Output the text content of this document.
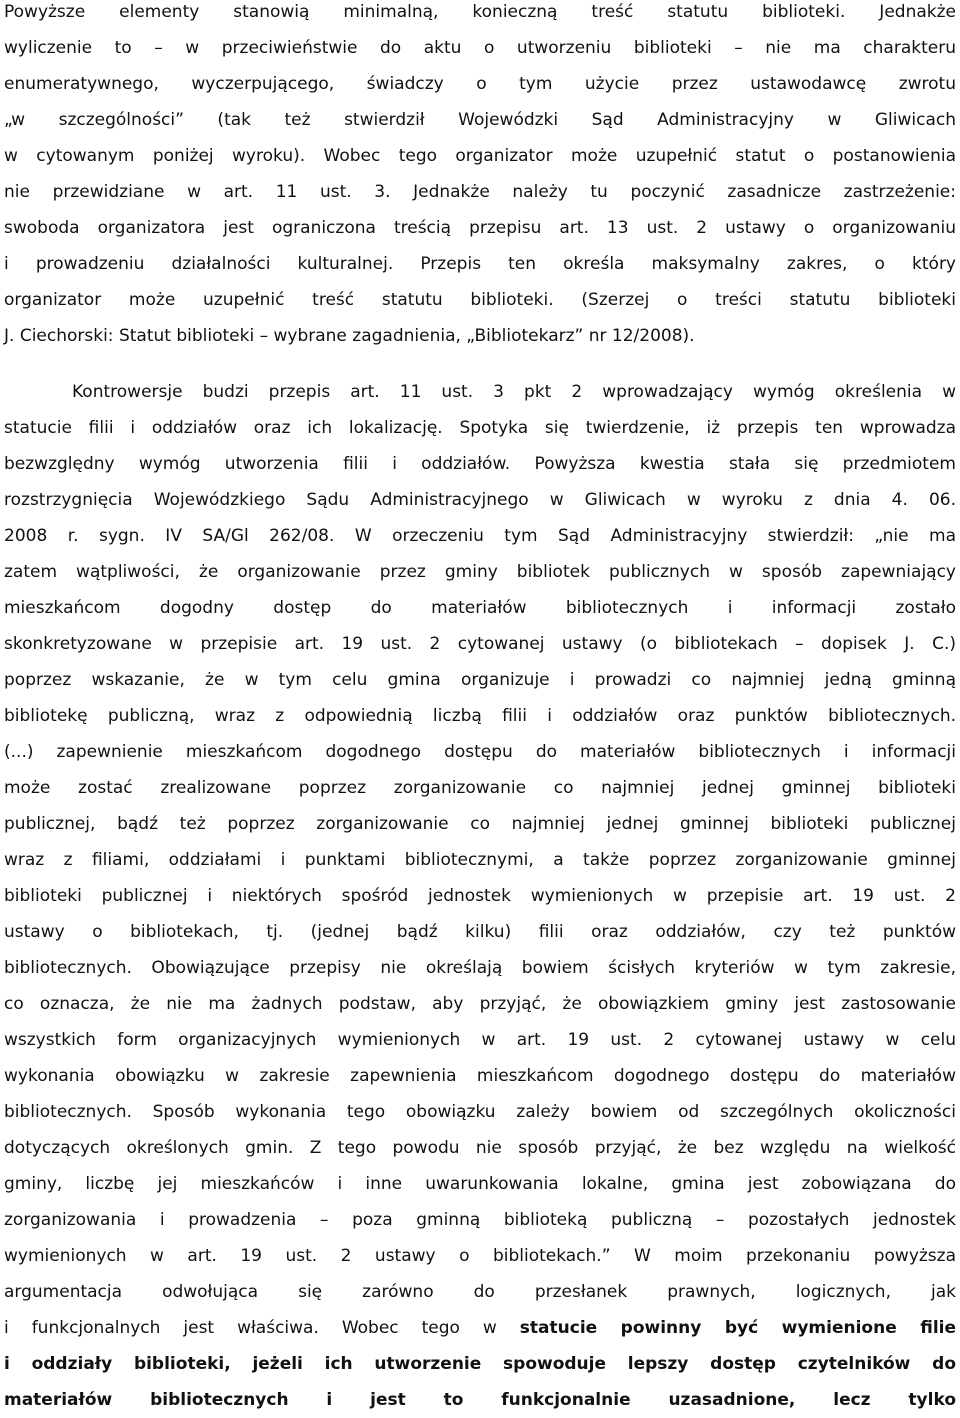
Powyższe elementy stanowią minimalną, konieczną treść statutu biblioteki. Jednakże
wyliczenie to – w przeciwieństwie do aktu o utworzeniu biblioteki – nie ma charakteru
enumeratywnego, wyczerpującego, świadczy o tym użycie przez ustawodawcę zwrotu
„w szczególności” (tak też stwierdził Wojewódzki Sąd Administracyjny w Gliwicach
w cytowanym poniżej wyroku). Wobec tego organizator może uzupełnić statut o postanowienia
nie przewidziane w art. 11 ust. 3. Jednakże należy tu poczynić zasadnicze zastrzeżenie:
swoboda organizatora jest ograniczona treścią przepisu art. 13 ust. 2 ustawy o organizowaniu
i prowadzeniu działalności kulturalnej. Przepis ten określa maksymalny zakres, o który
organizator może uzupełnić treść statutu biblioteki. (Szerzej o treści statutu biblioteki
J. Ciechorski: Statut biblioteki – wybrane zagadnienia, „Bibliotekarz” nr 12/2008).
Kontrowersje budzi przepis art. 11 ust. 3 pkt 2 wprowadzający wymóg określenia w
statucie filii i oddziałów oraz ich lokalizację. Spotyka się twierdzenie, iż przepis ten wprowadza
bezwzględny wymóg utworzenia filii i oddziałów. Powyższa kwestia stała się przedmiotem
rozstrzygnięcia Wojewódzkiego Sądu Administracyjnego w Gliwicach w wyroku z dnia 4. 06.
2008 r. sygn. IV SA/Gl 262/08. W orzeczeniu tym Sąd Administracyjny stwierdził: „nie ma
zatem wątpliwości, że organizowanie przez gminy bibliotek publicznych w sposób zapewniający
mieszkańcom dogodny dostęp do materiałów bibliotecznych i informacji zostało
skonkretyzowane w przepisie art. 19 ust. 2 cytowanej ustawy (o bibliotekach – dopisek J. C.)
poprzez wskazanie, że w tym celu gmina organizuje i prowadzi co najmniej jedną gminną
bibliotekę publiczną, wraz z odpowiednią liczbą filii i oddziałów oraz punktów bibliotecznych.
(...) zapewnienie mieszkańcom dogodnego dostępu do materiałów bibliotecznych i informacji
może zostać zrealizowane poprzez zorganizowanie co najmniej jednej gminnej biblioteki
publicznej, bądź też poprzez zorganizowanie co najmniej jednej gminnej biblioteki publicznej
wraz z filiami, oddziałami i punktami bibliotecznymi, a także poprzez zorganizowanie gminnej
biblioteki publicznej i niektórych spośród jednostek wymienionych w przepisie art. 19 ust. 2
ustawy o bibliotekach, tj. (jednej bądź kilku) filii oraz oddziałów, czy też punktów
bibliotecznych. Obowiązujące przepisy nie określają bowiem ścisłych kryteriów w tym zakresie,
co oznacza, że nie ma żadnych podstaw, aby przyjąć, że obowiązkiem gminy jest zastosowanie
wszystkich form organizacyjnych wymienionych w art. 19 ust. 2 cytowanej ustawy w celu
wykonania obowiązku w zakresie zapewnienia mieszkańcom dogodnego dostępu do materiałów
bibliotecznych. Sposób wykonania tego obowiązku zależy bowiem od szczególnych okoliczności
dotyczących określonych gmin. Z tego powodu nie sposób przyjąć, że bez względu na wielkość
gminy, liczbę jej mieszkańców i inne uwarunkowania lokalne, gmina jest zobowiązana do
zorganizowania i prowadzenia – poza gminną biblioteką publiczną – pozostałych jednostek
wymienionych w art. 19 ust. 2 ustawy o bibliotekach.” W moim przekonaniu powyższa
argumentacja odwołująca się zarówno do przesłanek prawnych, logicznych, jak
i funkcjonalnych jest właściwa. Wobec tego w statucie powinny być wymienione filie
i oddziały biblioteki, jeżeli ich utworzenie spowoduje lepszy dostęp czytelników do
materiałów bibliotecznych i jest to funkcjonalnie uzasadnione, lecz tylko
